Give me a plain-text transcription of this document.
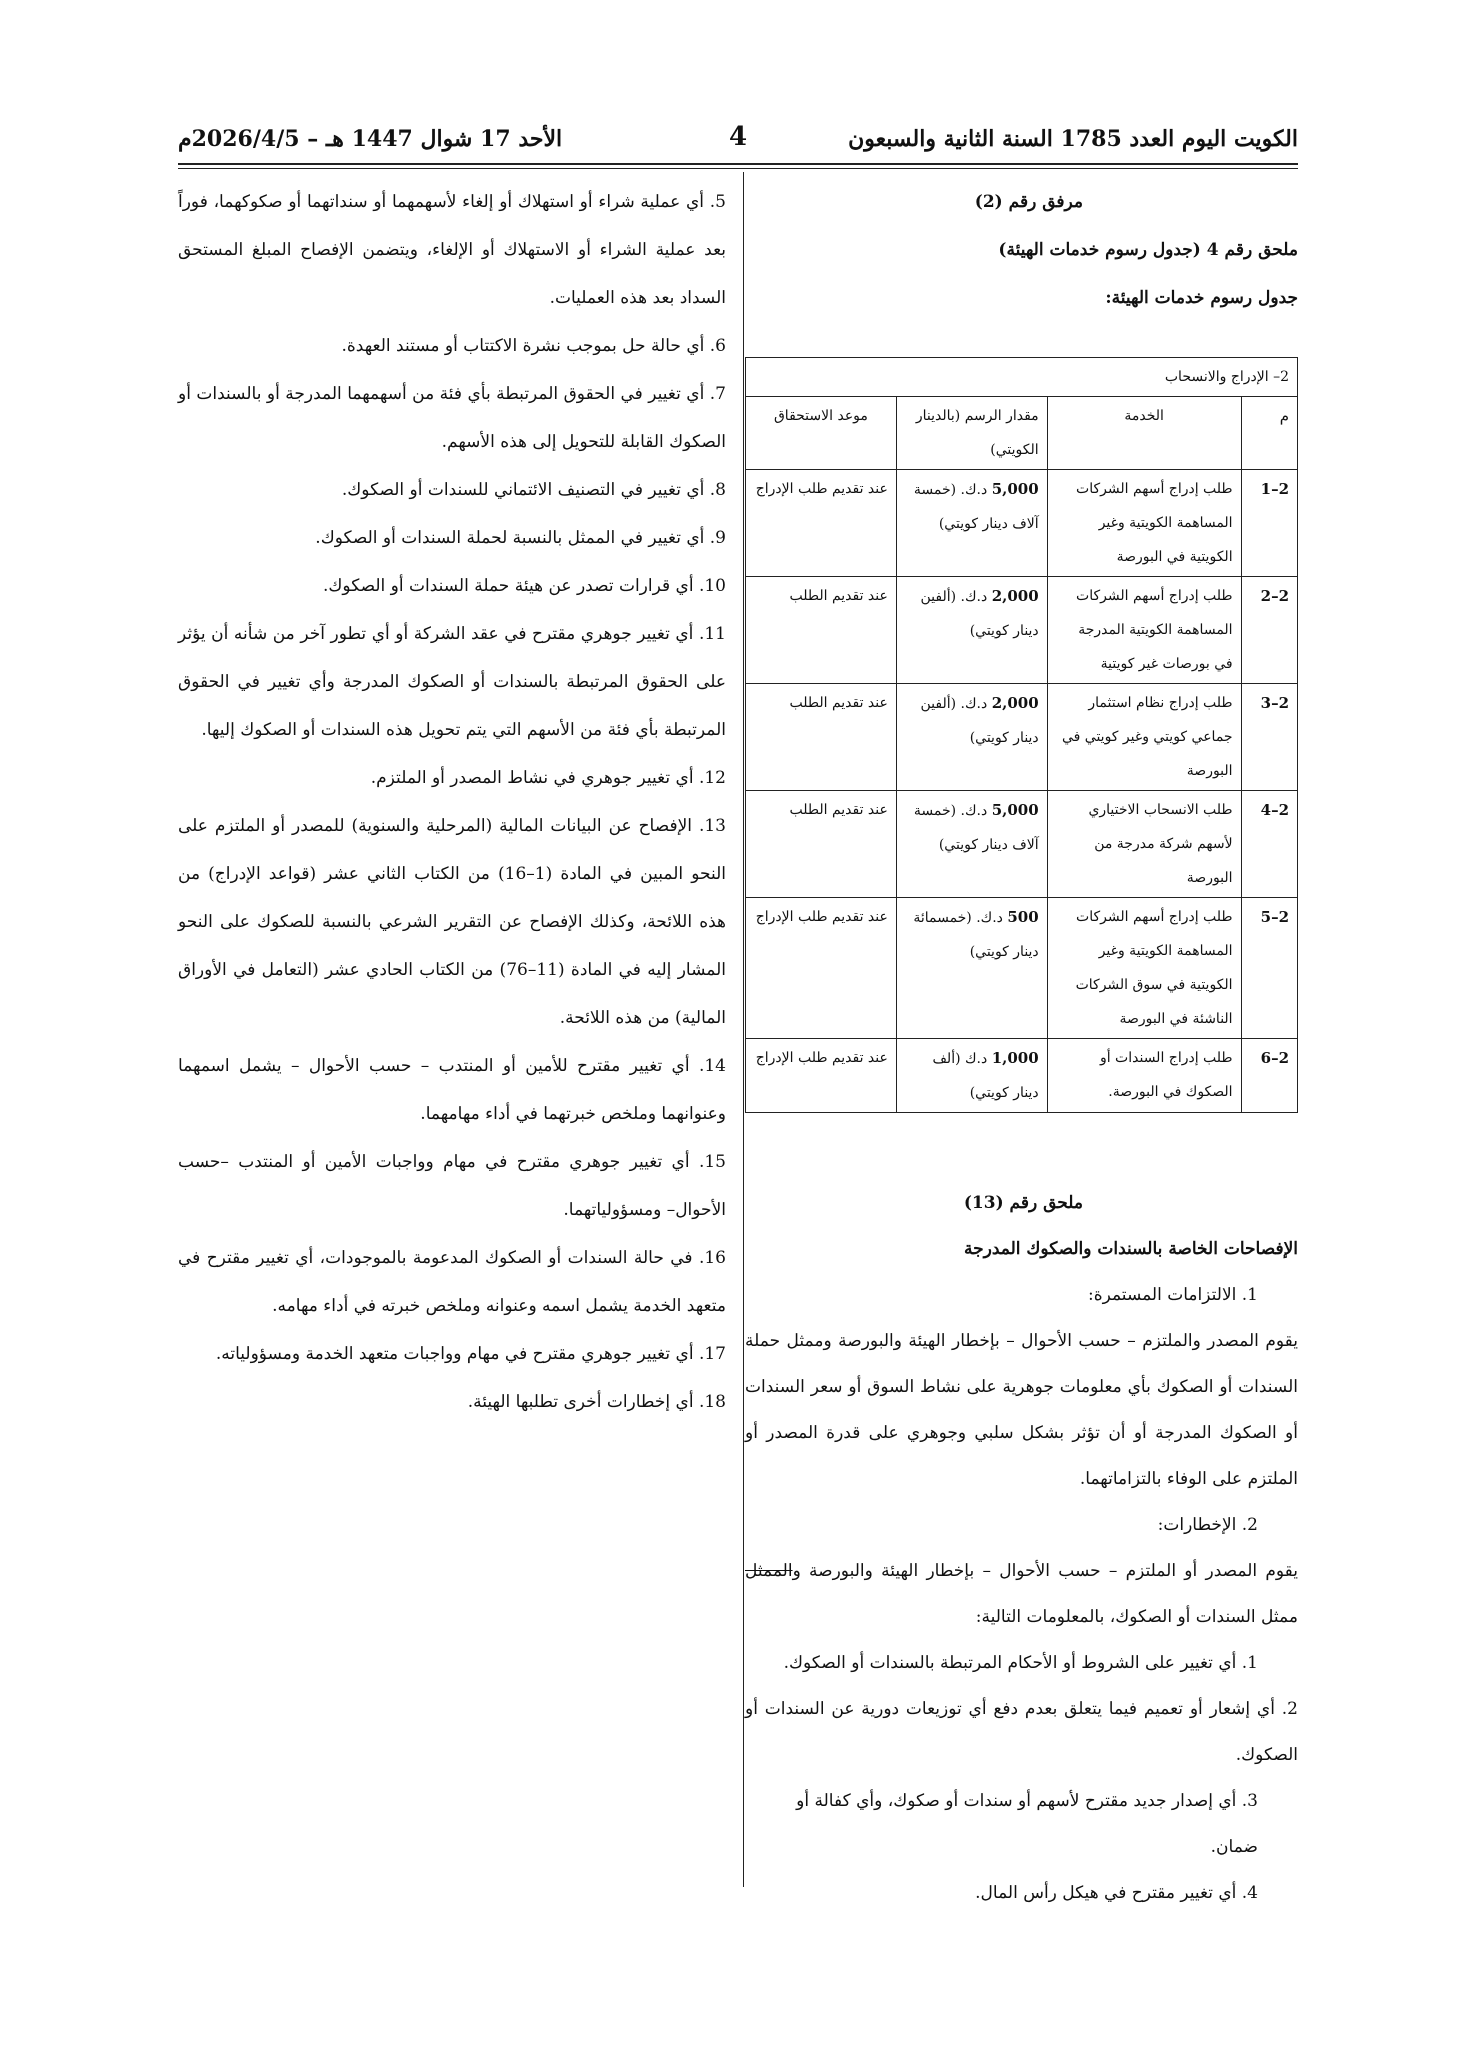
الكويت اليوم العدد 1785 السنة الثانية والسبعون
4
الأحد 17 شوال 1447 هـ – 2026/4/5م

مرفق رقم (2)

ملحق رقم 4 (جدول رسوم خدمات الهيئة)

جدول رسوم خدمات الهيئة:

2– الإدراج والانسحاب			
م	الخدمة	مقدار الرسم (بالدينار الكويتي)	موعد الاستحقاق
2–1	طلب إدراج أسهم الشركات المساهمة الكويتية وغير الكويتية في البورصة	5,000 د.ك. (خمسة آلاف دينار كويتي)	عند تقديم طلب الإدراج
2–2	طلب إدراج أسهم الشركات المساهمة الكويتية المدرجة في بورصات غير كويتية	2,000 د.ك. (ألفين دينار كويتي)	عند تقديم الطلب
2–3	طلب إدراج نظام استثمار جماعي كويتي وغير كويتي في البورصة	2,000 د.ك. (ألفين دينار كويتي)	عند تقديم الطلب
2–4	طلب الانسحاب الاختياري لأسهم شركة مدرجة من البورصة	5,000 د.ك. (خمسة آلاف دينار كويتي)	عند تقديم الطلب
2–5	طلب إدراج أسهم الشركات المساهمة الكويتية وغير الكويتية في سوق الشركات الناشئة في البورصة	500 د.ك. (خمسمائة دينار كويتي)	عند تقديم طلب الإدراج
2–6	طلب إدراج السندات أو الصكوك في البورصة.	1,000 د.ك (ألف دينار كويتي)	عند تقديم طلب الإدراج

ملحق رقم (13)

الإفصاحات الخاصة بالسندات والصكوك المدرجة

1. الالتزامات المستمرة:

يقوم المصدر والملتزم – حسب الأحوال – بإخطار الهيئة والبورصة وممثل حملة السندات أو الصكوك بأي معلومات جوهرية على نشاط السوق أو سعر السندات أو الصكوك المدرجة أو أن تؤثر بشكل سلبي وجوهري على قدرة المصدر أو الملتزم على الوفاء بالتزاماتهما.

2. الإخطارات:

يقوم المصدر أو الملتزم – حسب الأحوال – بإخطار الهيئة والبورصة والممثل ممثل السندات أو الصكوك، بالمعلومات التالية:

1. أي تغيير على الشروط أو الأحكام المرتبطة بالسندات أو الصكوك.

2. أي إشعار أو تعميم فيما يتعلق بعدم دفع أي توزيعات دورية عن السندات أو الصكوك.

3. أي إصدار جديد مقترح لأسهم أو سندات أو صكوك، وأي كفالة أو ضمان.

4. أي تغيير مقترح في هيكل رأس المال.

5. أي عملية شراء أو استهلاك أو إلغاء لأسهمهما أو سنداتهما أو صكوكهما، فوراً بعد عملية الشراء أو الاستهلاك أو الإلغاء، ويتضمن الإفصاح المبلغ المستحق السداد بعد هذه العمليات.

6. أي حالة حل بموجب نشرة الاكتتاب أو مستند العهدة.

7. أي تغيير في الحقوق المرتبطة بأي فئة من أسهمهما المدرجة أو بالسندات أو الصكوك القابلة للتحويل إلى هذه الأسهم.

8. أي تغيير في التصنيف الائتماني للسندات أو الصكوك.

9. أي تغيير في الممثل بالنسبة لحملة السندات أو الصكوك.

10. أي قرارات تصدر عن هيئة حملة السندات أو الصكوك.

11. أي تغيير جوهري مقترح في عقد الشركة أو أي تطور آخر من شأنه أن يؤثر على الحقوق المرتبطة بالسندات أو الصكوك المدرجة وأي تغيير في الحقوق المرتبطة بأي فئة من الأسهم التي يتم تحويل هذه السندات أو الصكوك إليها.

12. أي تغيير جوهري في نشاط المصدر أو الملتزم.

13. الإفصاح عن البيانات المالية (المرحلية والسنوية) للمصدر أو الملتزم على النحو المبين في المادة (1–16) من الكتاب الثاني عشر (قواعد الإدراج) من هذه اللائحة، وكذلك الإفصاح عن التقرير الشرعي بالنسبة للصكوك على النحو المشار إليه في المادة (11–76) من الكتاب الحادي عشر (التعامل في الأوراق المالية) من هذه اللائحة.

14. أي تغيير مقترح للأمين أو المنتدب – حسب الأحوال – يشمل اسمهما وعنوانهما وملخص خبرتهما في أداء مهامهما.

15. أي تغيير جوهري مقترح في مهام وواجبات الأمين أو المنتدب –حسب الأحوال– ومسؤولياتهما.

16. في حالة السندات أو الصكوك المدعومة بالموجودات، أي تغيير مقترح في متعهد الخدمة يشمل اسمه وعنوانه وملخص خبرته في أداء مهامه.

17. أي تغيير جوهري مقترح في مهام وواجبات متعهد الخدمة ومسؤولياته.

18. أي إخطارات أخرى تطلبها الهيئة.
